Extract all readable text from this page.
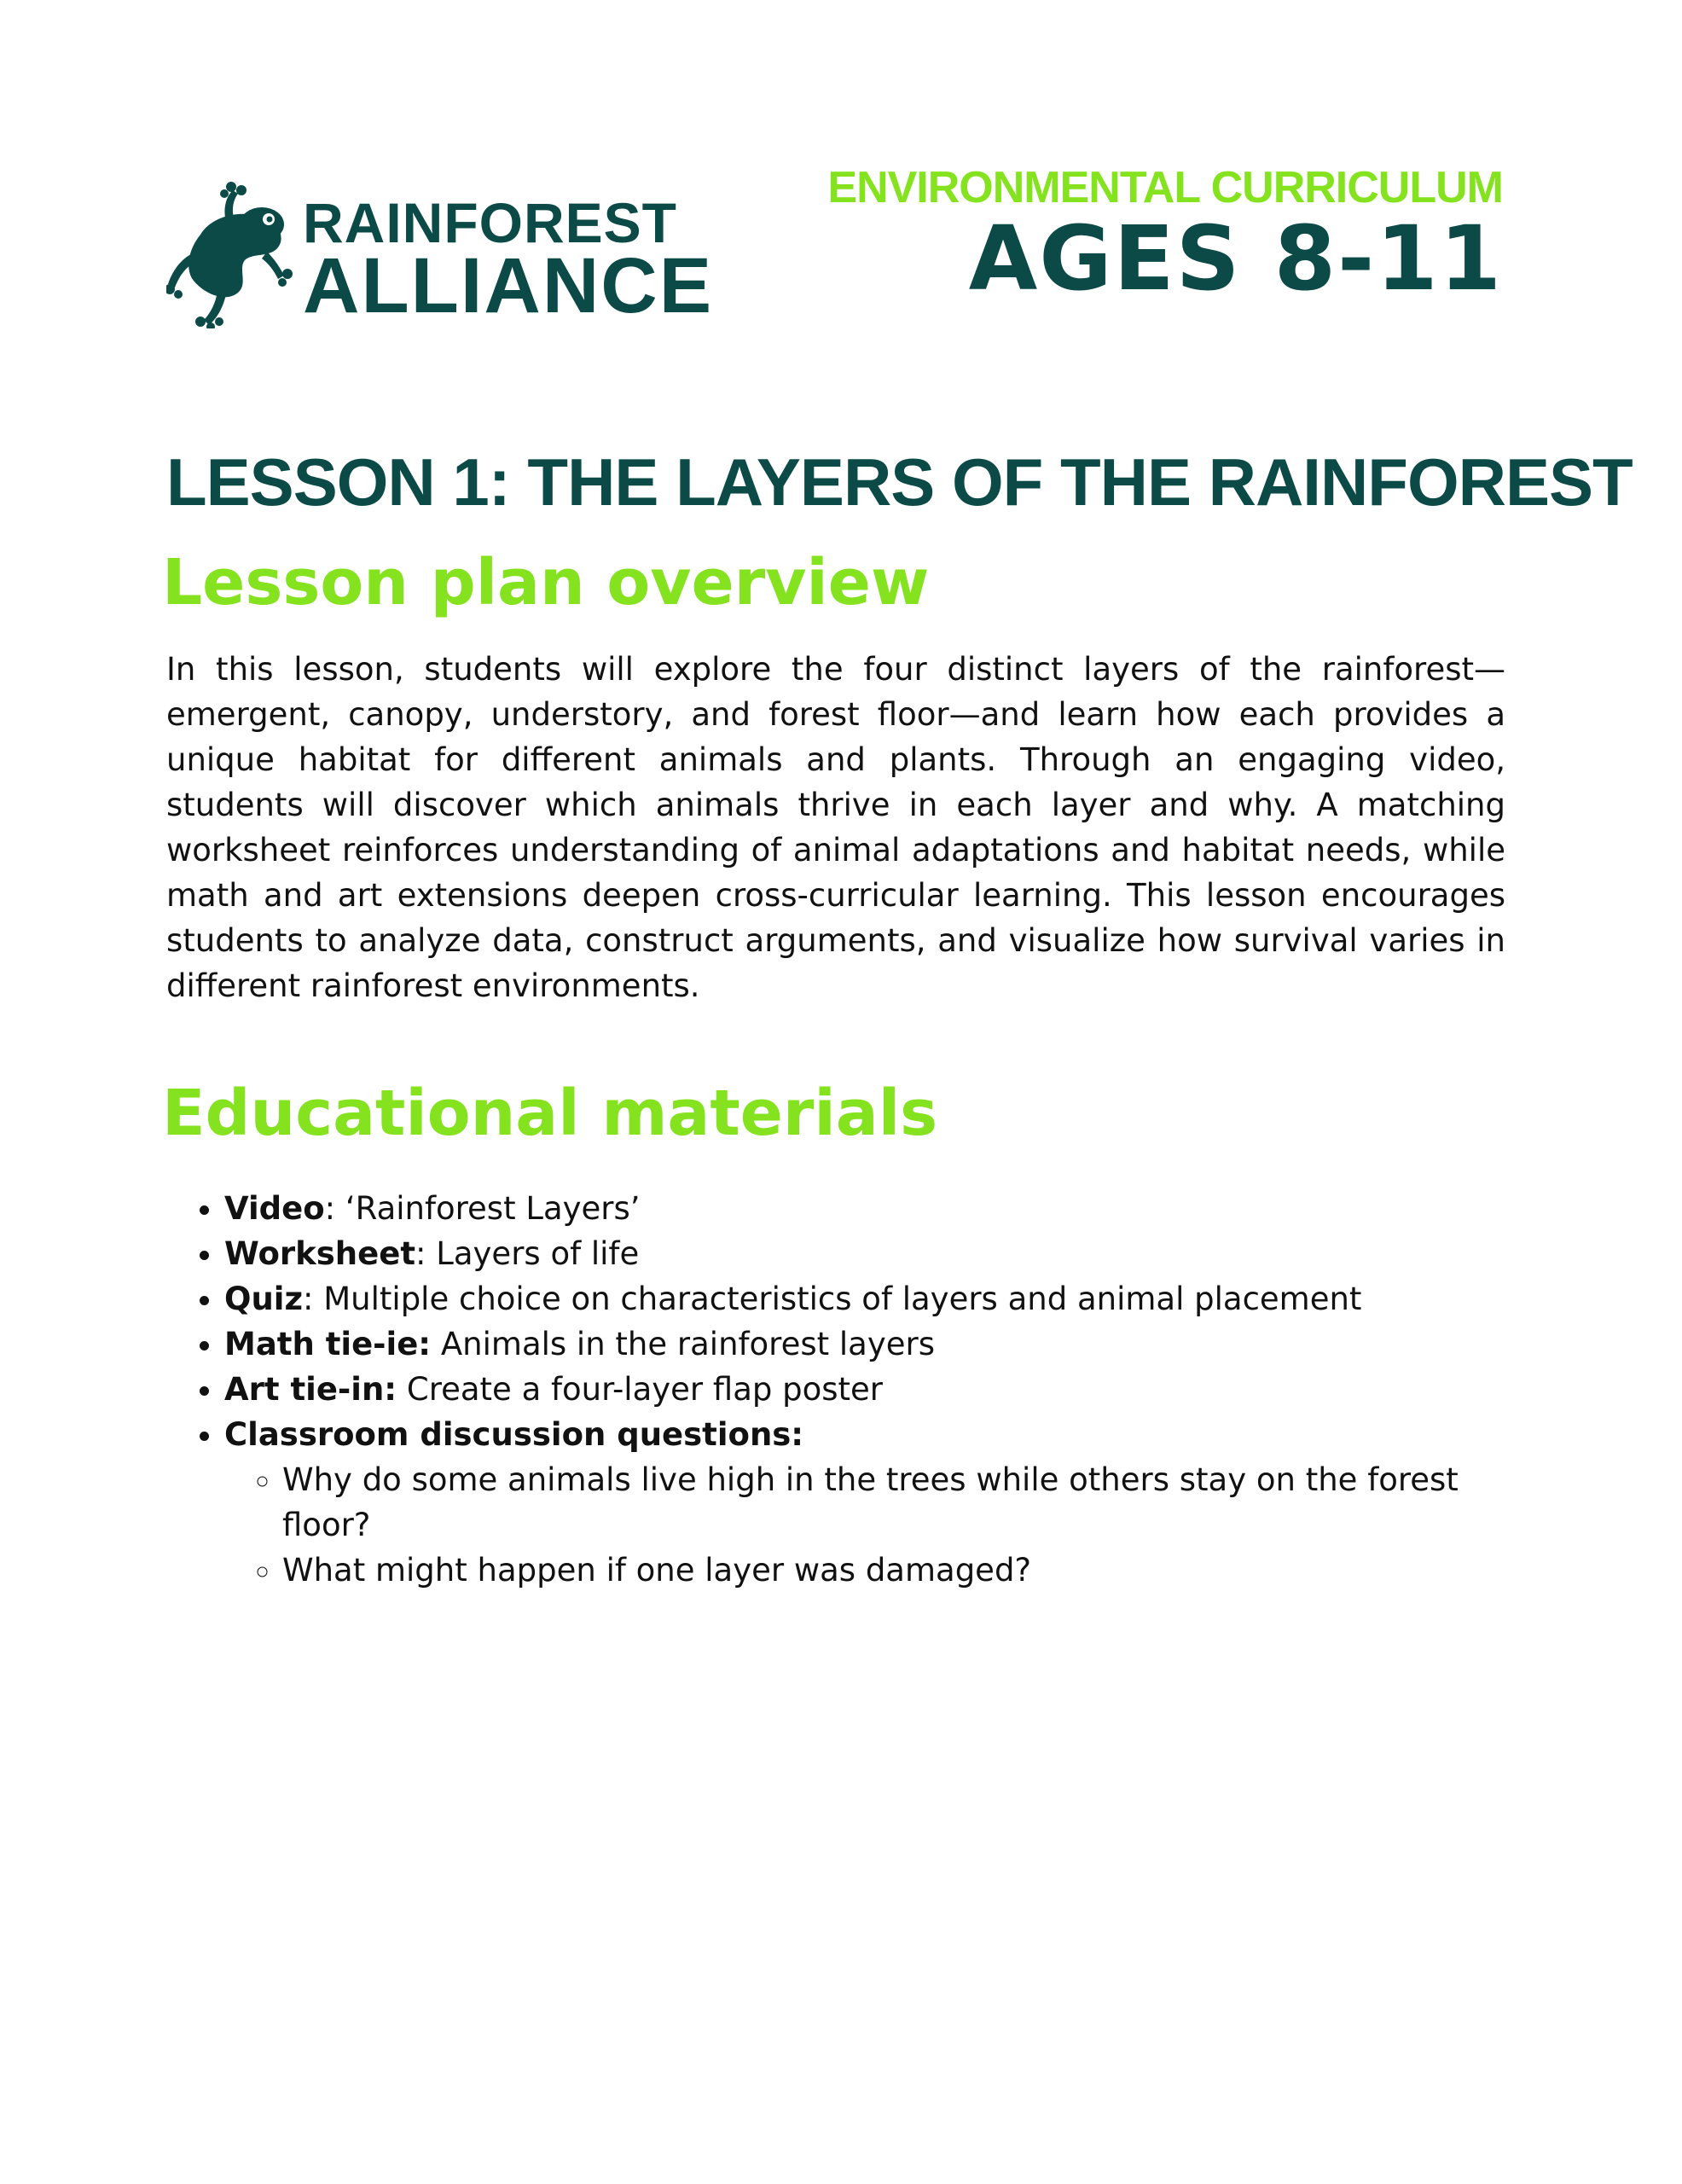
RAINFOREST
ALLIANCE
ENVIRONMENTAL CURRICULUM
AGES 8-11
LESSON 1: THE LAYERS OF THE RAINFOREST
Lesson plan overview
In this lesson, students will explore the four distinct layers of the rainforest—emergent, canopy, understory, and forest floor—and learn how each provides a unique habitat for different animals and plants. Through an engaging video, students will discover which animals thrive in each layer and why. A matching worksheet reinforces understanding of animal adaptations and habitat needs, while math and art extensions deepen cross-curricular learning. This lesson encourages students to analyze data, construct arguments, and visualize how survival varies in different rainforest environments.
Educational materials
• Video: ‘Rainforest Layers’
• Worksheet: Layers of life
• Quiz: Multiple choice on characteristics of layers and animal placement
• Math tie-ie: Animals in the rainforest layers
• Art tie-in: Create a four-layer flap poster
• Classroom discussion questions:
◦ Why do some animals live high in the trees while others stay on the forest floor?
◦ What might happen if one layer was damaged?
